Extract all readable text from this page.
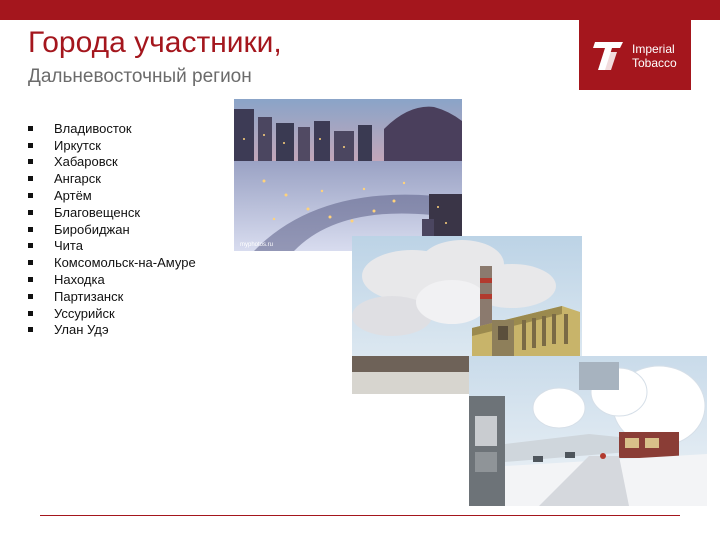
Города участники,
Дальневосточный регион
Imperial
Tobacco
Владивосток
Иркутск
Хабаровск
Ангарск
Артём
Благовещенск
Биробиджан
Чита
Комсомольск-на-Амуре
Находка
Партизанск
Уссурийск
Улан Удэ
myphotos.ru
